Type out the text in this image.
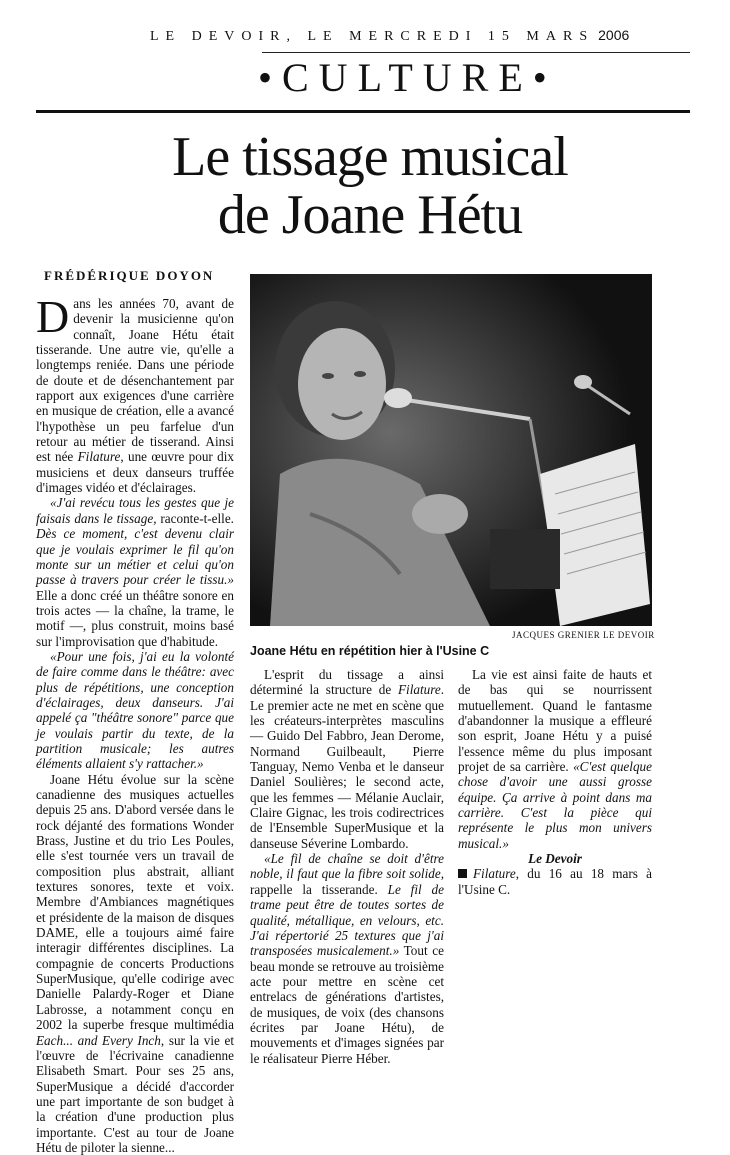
LE DEVOIR, LE MERCREDI 15 MARS 2006
•CULTURE•
Le tissage musical
de Joane Hétu
FRÉDÉRIQUE DOYON

Dans les années 70, avant de devenir la musicienne qu'on connaît, Joane Hétu était tisserande. Une autre vie, qu'elle a longtemps reniée. Dans une période de doute et de désenchantement par rapport aux exigences d'une carrière en musique de création, elle a avancé l'hypothèse un peu farfelue d'un retour au métier de tisserand. Ainsi est née Filature, une œuvre pour dix musiciens et deux danseurs truffée d'images vidéo et d'éclairages.

«J'ai revécu tous les gestes que je faisais dans le tissage, raconte-t-elle. Dès ce moment, c'est devenu clair que je voulais exprimer le fil qu'on monte sur un métier et celui qu'on passe à travers pour créer le tissu.» Elle a donc créé un théâtre sonore en trois actes — la chaîne, la trame, le motif —, plus construit, moins basé sur l'improvisation que d'habitude.

«Pour une fois, j'ai eu la volonté de faire comme dans le théâtre: avec plus de répétitions, une conception d'éclairages, deux danseurs. J'ai appelé ça "théâtre sonore" parce que je voulais partir du texte, de la partition musicale; les autres éléments allaient s'y rattacher.»

Joane Hétu évolue sur la scène canadienne des musiques actuelles depuis 25 ans. D'abord versée dans le rock déjanté des formations Wonder Brass, Justine et du trio Les Poules, elle s'est tournée vers un travail de composition plus abstrait, alliant textures sonores, texte et voix. Membre d'Ambiances magnétiques et présidente de la maison de disques DAME, elle a toujours aimé faire interagir différentes disciplines. La compagnie de concerts Productions SuperMusique, qu'elle codirige avec Danielle Palardy-Roger et Diane Labrosse, a notamment conçu en 2002 la superbe fresque multimédia Each... and Every Inch, sur la vie et l'œuvre de l'écrivaine canadienne Elisabeth Smart. Pour ses 25 ans, SuperMusique a décidé d'accorder une part importante de son budget à la création d'une production plus importante. C'est au tour de Joane Hétu de piloter la sienne...

JACQUES GRENIER LE DEVOIR
Joane Hétu en répétition hier à l'Usine C

L'esprit du tissage a ainsi déterminé la structure de Filature. Le premier acte ne met en scène que les créateurs-interprètes masculins — Guido Del Fabbro, Jean Derome, Normand Guilbeault, Pierre Tanguay, Nemo Venba et le danseur Daniel Soulières; le second acte, que les femmes — Mélanie Auclair, Claire Gignac, les trois codirectrices de l'Ensemble SuperMusique et la danseuse Séverine Lombardo.

«Le fil de chaîne se doit d'être noble, il faut que la fibre soit solide, rappelle la tisserande. Le fil de trame peut être de toutes sortes de qualité, métallique, en velours, etc. J'ai répertorié 25 textures que j'ai transposées musicalement.» Tout ce beau monde se retrouve au troisième acte pour mettre en scène cet entrelacs de générations d'artistes, de musiques, de voix (des chansons écrites par Joane Hétu), de mouvements et d'images signées par le réalisateur Pierre Héber.

La vie est ainsi faite de hauts et de bas qui se nourrissent mutuellement. Quand le fantasme d'abandonner la musique a effleuré son esprit, Joane Hétu y a puisé l'essence même du plus imposant projet de sa carrière. «C'est quelque chose d'avoir une aussi grosse équipe. Ça arrive à point dans ma carrière. C'est la pièce qui représente le plus mon univers musical.»

Le Devoir

Filature, du 16 au 18 mars à l'Usine C.
